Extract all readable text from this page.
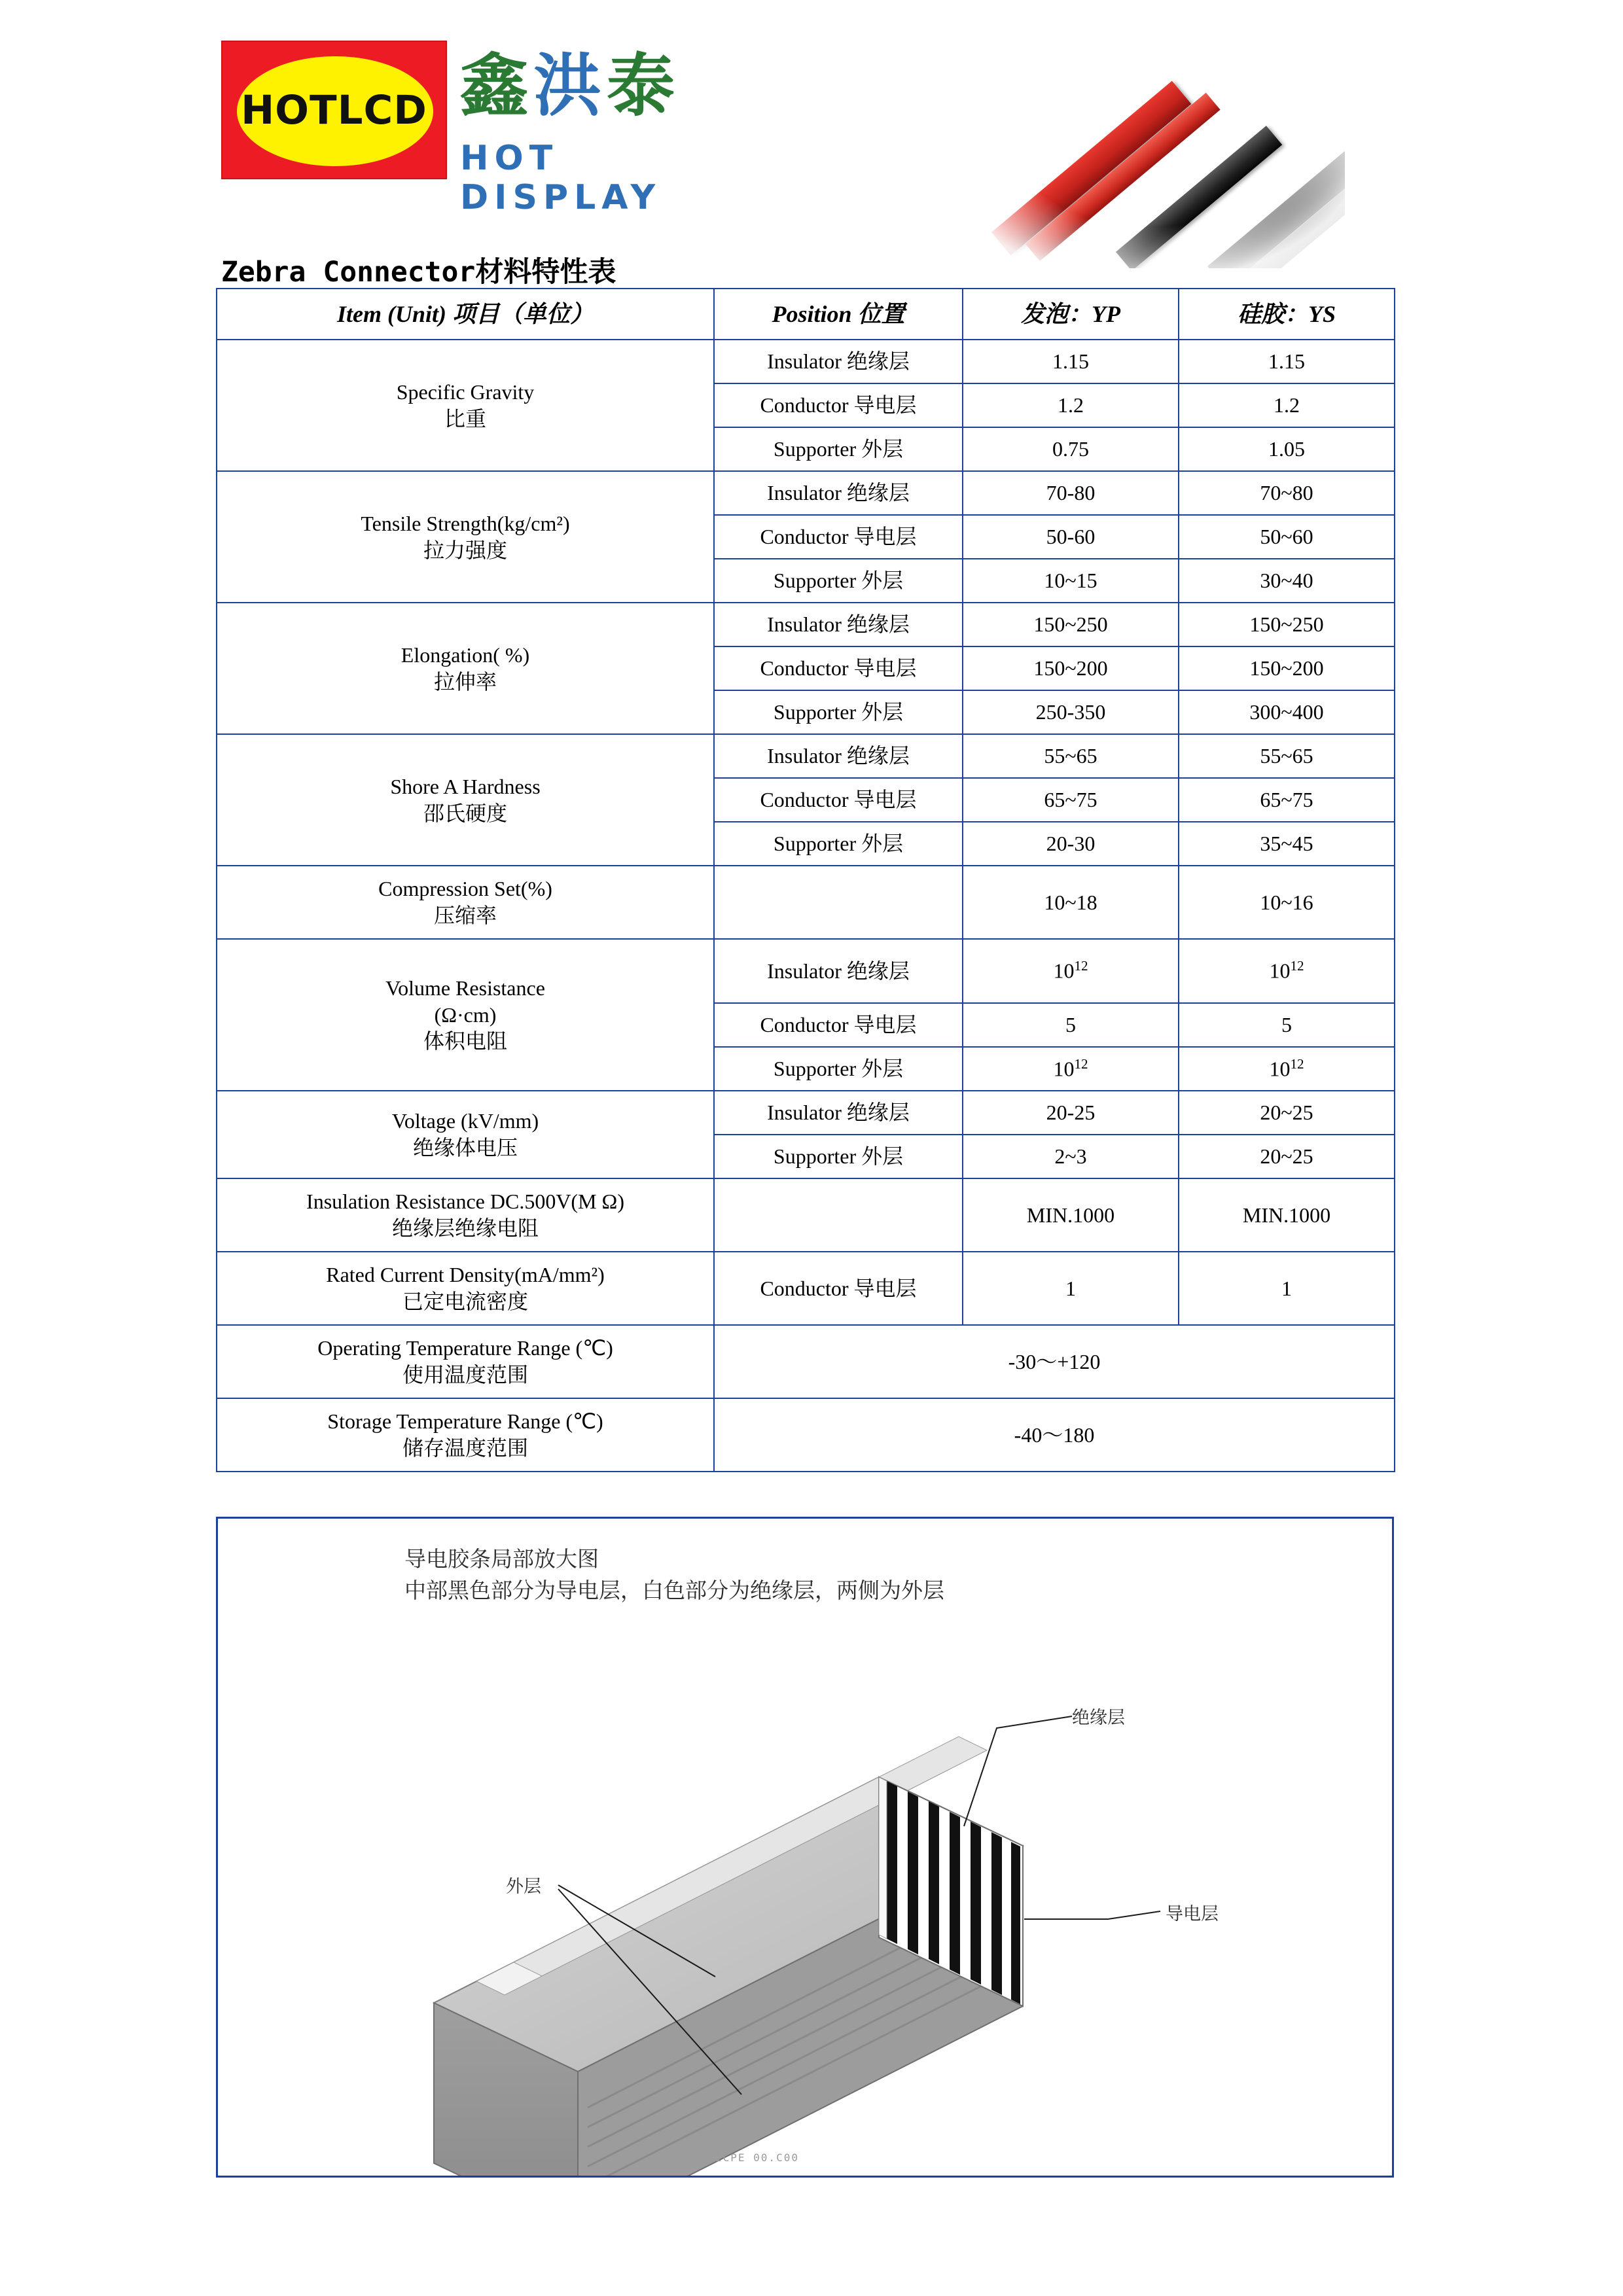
HOTLCD 鑫洪泰
HOT DISPLAY
Zebra Connector材料特性表
Item (Unit) 项目（单位）	Position 位置	发泡：YP	硅胶：YS

Specific Gravity
比重	Insulator 绝缘层	1.15	1.15
	Conductor 导电层	1.2	1.2
	Supporter 外层	0.75	1.05

Tensile Strength(kg/cm²)
拉力强度	Insulator 绝缘层	70-80	70~80
	Conductor 导电层	50-60	50~60
	Supporter 外层	10~15	30~40

Elongation( %)
拉伸率	Insulator 绝缘层	150~250	150~250
	Conductor 导电层	150~200	150~200
	Supporter 外层	250-350	300~400

Shore A Hardness
邵氏硬度	Insulator 绝缘层	55~65	55~65
	Conductor 导电层	65~75	65~75
	Supporter 外层	20-30	35~45

Compression Set(%)
压缩率		10~18	10~16

Volume Resistance
(Ω·cm)
体积电阻	Insulator 绝缘层	$10^{12}$	$10^{12}$
	Conductor 导电层	5	5
	Supporter 外层	$10^{12}$	$10^{12}$

Voltage (kV/mm)
绝缘体电压	Insulator 绝缘层	20-25	20~25
	Supporter 外层	2~3	20~25

Insulation Resistance DC.500V(M Ω)
绝缘层绝缘电阻		MIN.1000	MIN.1000

Rated Current Density(mA/mm²)
已定电流密度	Conductor 导电层	1	1

Operating Temperature Range (℃)
使用温度范围	-30～+120		

Storage Temperature Range (℃)
储存温度范围	-40～180		
导电胶条局部放大图
中部黑色部分为导电层，白色部分为绝缘层，两侧为外层
绝缘层
导电层
外层
ICPE 00.C00
